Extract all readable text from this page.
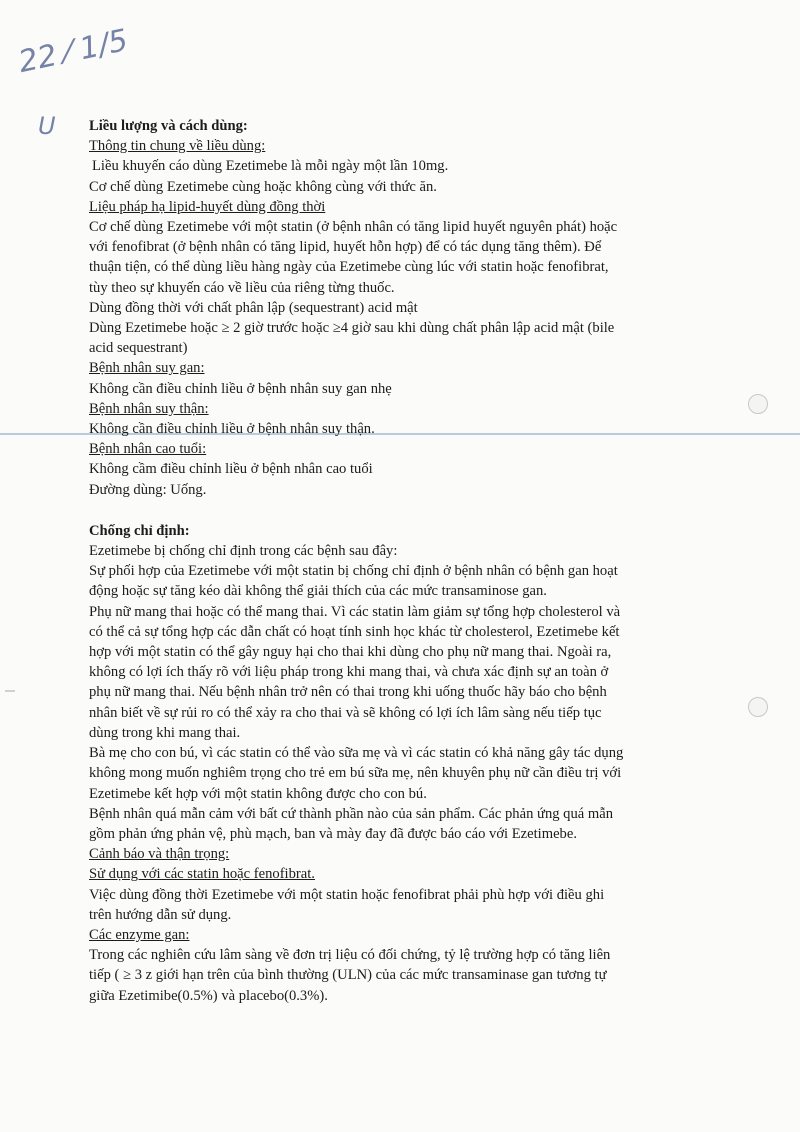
22 ⁄ 1/5
U Liều lượng và cách dùng:

Thông tin chung về liều dùng:

Liều khuyến cáo dùng Ezetimebe là mỗi ngày một lần 10mg.

Cơ chế dùng Ezetimebe cùng hoặc không cùng với thức ăn.

Liệu pháp hạ lipid-huyết dùng đồng thời

Cơ chế dùng Ezetimebe với một statin (ở bệnh nhân có tăng lipid huyết nguyên phát) hoặc

với fenofibrat (ở bệnh nhân có tăng lipid, huyết hỗn hợp) để có tác dụng tăng thêm). Để

thuận tiện, có thể dùng liều hàng ngày của Ezetimebe cùng lúc với statin hoặc fenofibrat,

tùy theo sự khuyến cáo về liều của riêng từng thuốc.

Dùng đồng thời với chất phân lập (sequestrant) acid mật

Dùng Ezetimebe hoặc ≥ 2 giờ trước hoặc ≥4 giờ sau khi dùng chất phân lập acid mật (bile

acid sequestrant)

Bệnh nhân suy gan:

Không cần điều chỉnh liều ở bệnh nhân suy gan nhẹ

Bệnh nhân suy thận:

Không cần điều chỉnh liều ở bệnh nhân suy thận.

Bệnh nhân cao tuổi:

Không cầm điều chỉnh liều ở bệnh nhân cao tuổi

Đường dùng: Uống.

Chống chỉ định:

Ezetimebe bị chống chỉ định trong các bệnh sau đây:

Sự phối hợp của Ezetimebe với một statin bị chống chỉ định ở bệnh nhân có bệnh gan hoạt

động hoặc sự tăng kéo dài không thể giải thích của các mức transaminose gan.

Phụ nữ mang thai hoặc có thể mang thai. Vì các statin làm giảm sự tổng hợp cholesterol và

có thể cả sự tổng hợp các dẫn chất có hoạt tính sinh học khác từ cholesterol, Ezetimebe kết

hợp với một statin có thể gây nguy hại cho thai khi dùng cho phụ nữ mang thai. Ngoài ra,

không có lợi ích thấy rõ với liệu pháp trong khi mang thai, và chưa xác định sự an toàn ở

phụ nữ mang thai. Nếu bệnh nhân trở nên có thai trong khi uống thuốc hãy báo cho bệnh

nhân biết về sự rủi ro có thể xảy ra cho thai và sẽ không có lợi ích lâm sàng nếu tiếp tục

dùng trong khi mang thai.

Bà mẹ cho con bú, vì các statin có thể vào sữa mẹ và vì các statin có khả năng gây tác dụng

không mong muốn nghiêm trọng cho trẻ em bú sữa mẹ, nên khuyên phụ nữ cần điều trị với

Ezetimebe kết hợp với một statin không được cho con bú.

Bệnh nhân quá mẫn cảm với bất cứ thành phần nào của sản phẩm. Các phản ứng quá mẫn

gồm phản ứng phản vệ, phù mạch, ban và mày đay đã được báo cáo với Ezetimebe.

Cảnh báo và thận trọng:

Sử dụng với các statin hoặc fenofibrat.

Việc dùng đồng thời Ezetimebe với một statin hoặc fenofibrat phải phù hợp với điều ghi

trên hướng dẫn sử dụng.

Các enzyme gan:

Trong các nghiên cứu lâm sàng về đơn trị liệu có đối chứng, tỷ lệ trường hợp có tăng liên

tiếp ( ≥ 3 z giới hạn trên của bình thường (ULN) của các mức transaminase gan tương tự

giữa Ezetimibe(0.5%) và placebo(0.3%).
